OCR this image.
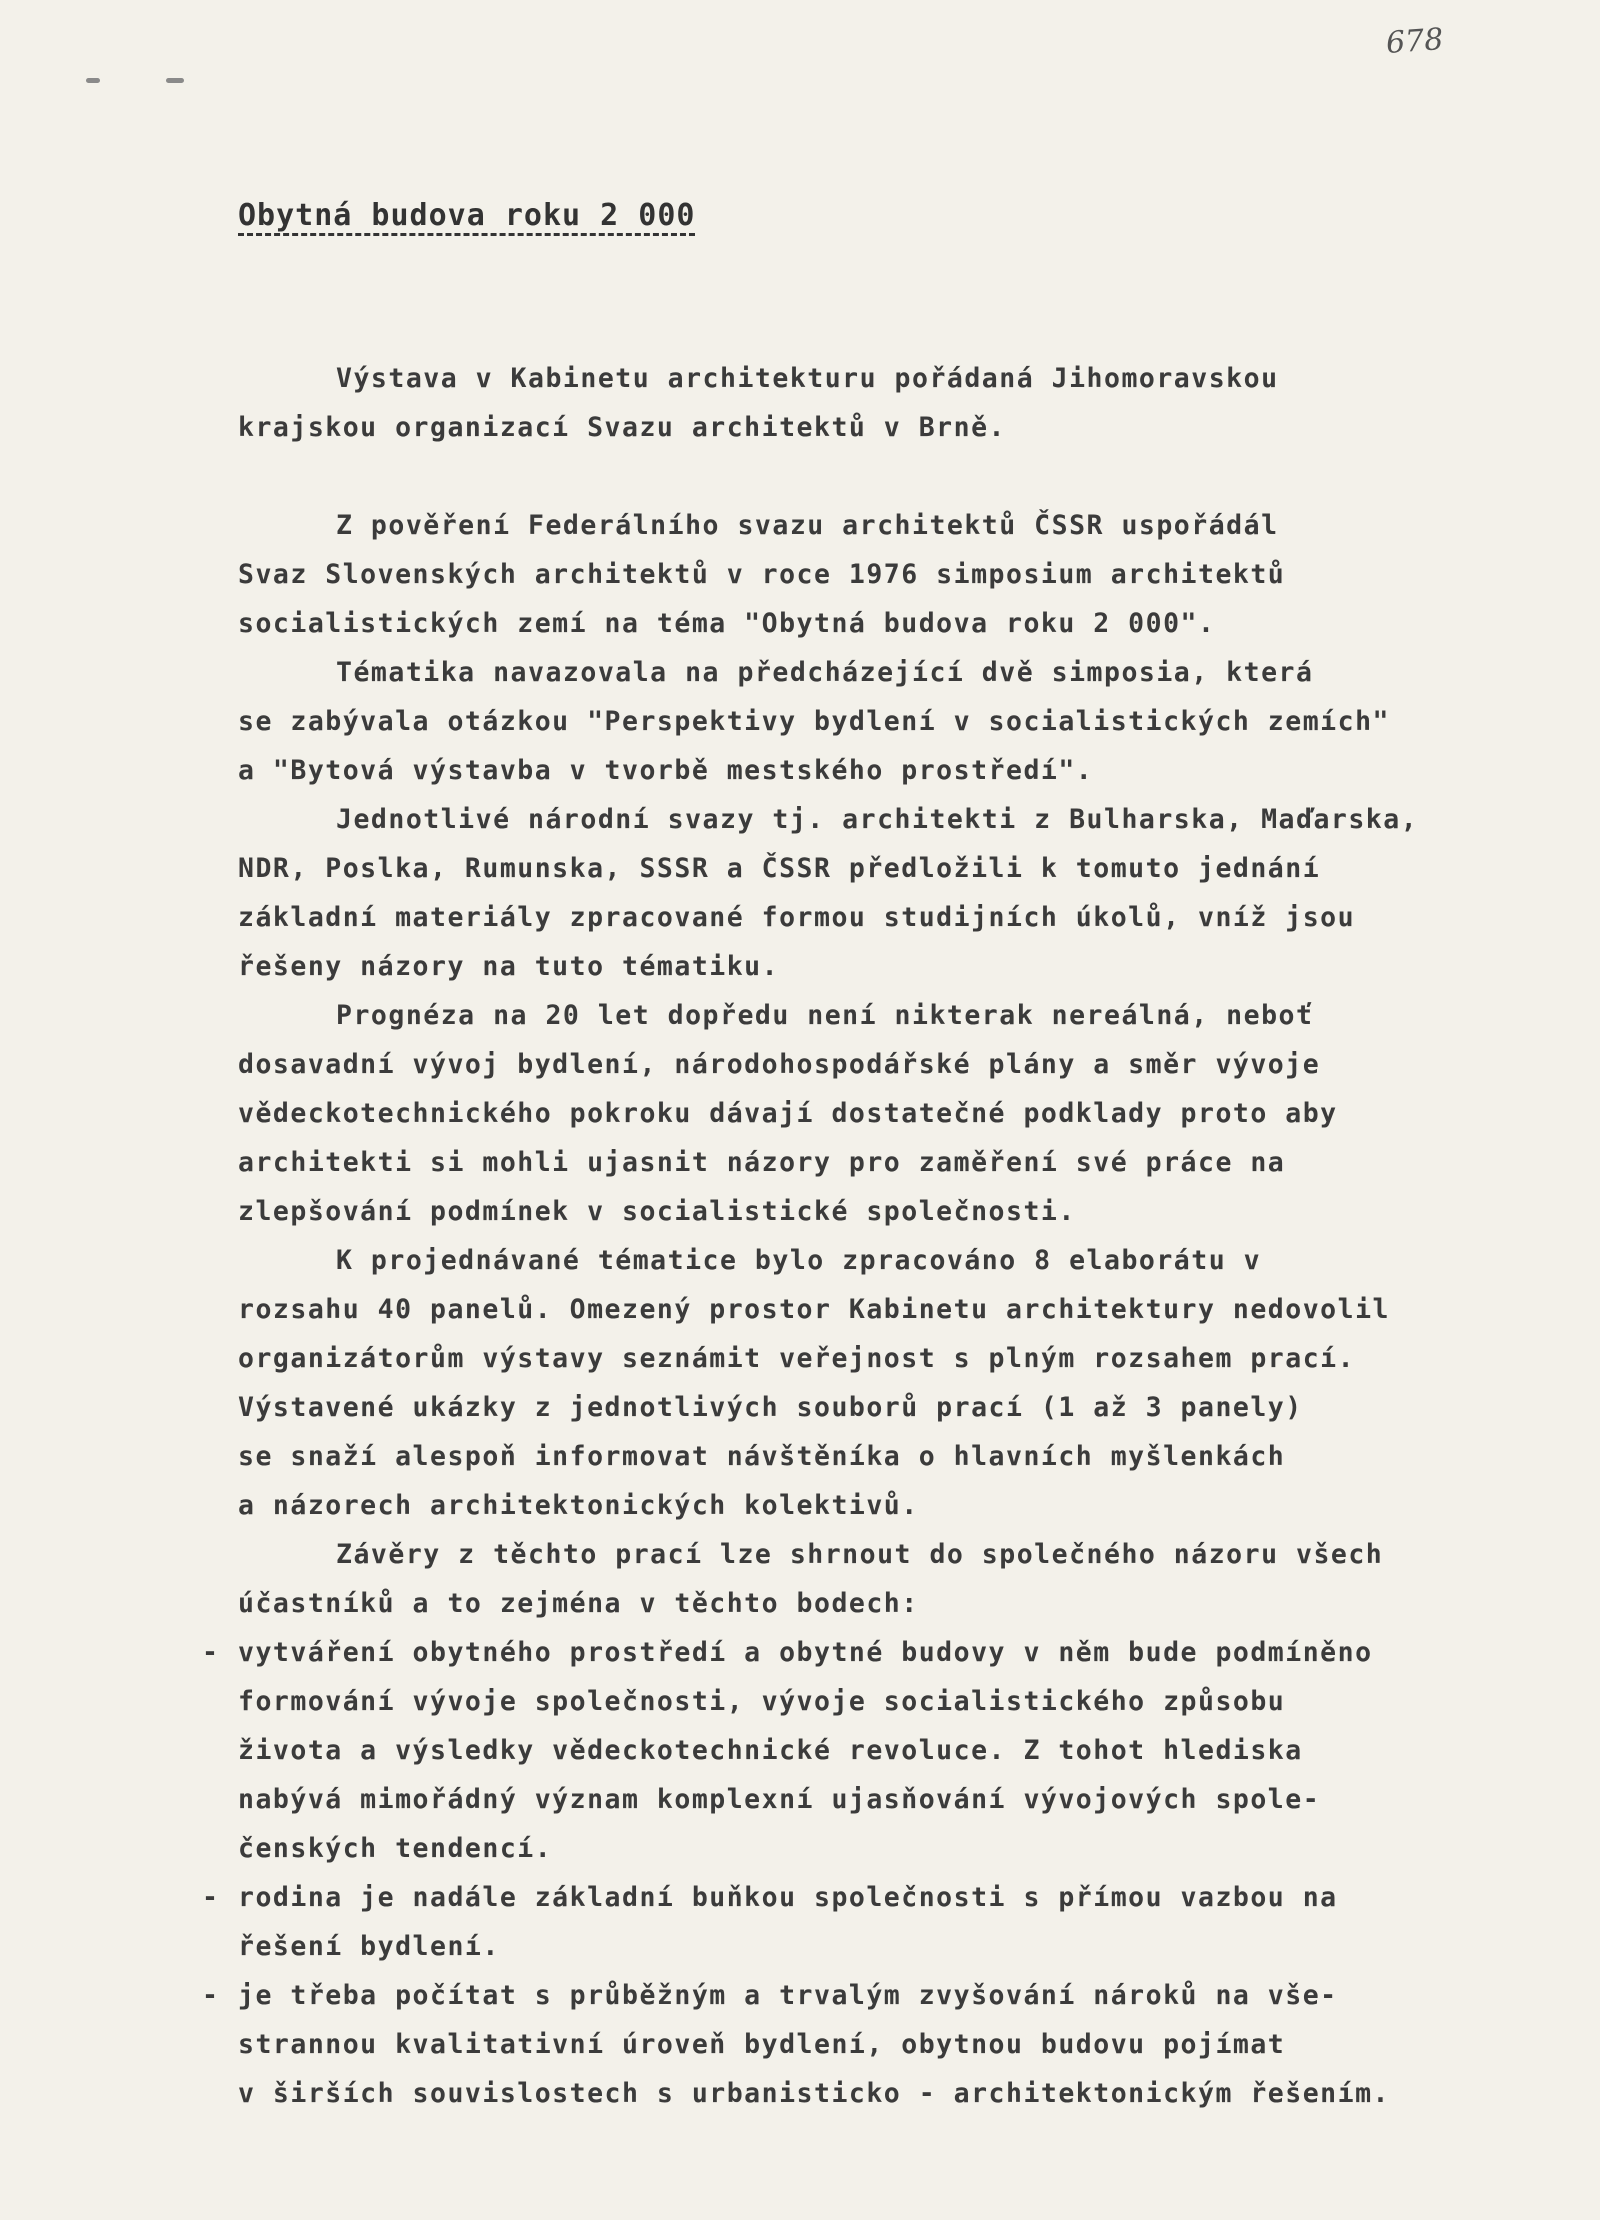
678
Obytná budova roku 2 000

Výstava v Kabinetu architekturu pořádaná Jihomoravskou
krajskou organizací Svazu architektů v Brně.

Z pověření Federálního svazu architektů ČSSR uspořádál
Svaz Slovenských architektů v roce 1976 simposium architektů
socialistických zemí na téma "Obytná budova roku 2 000".

Tématika navazovala na předcházející dvě simposia, která
se zabývala otázkou "Perspektivy bydlení v socialistických zemích"
a "Bytová výstavba v tvorbě mestského prostředí".

Jednotlivé národní svazy tj. architekti z Bulharska, Maďarska,
NDR, Poslka, Rumunska, SSSR a ČSSR předložili k tomuto jednání
základní materiály zpracované formou studijních úkolů, vníž jsou
řešeny názory na tuto tématiku.

Prognéza na 20 let dopředu není nikterak nereálná, neboť
dosavadní vývoj bydlení, národohospodářské plány a směr vývoje
vědeckotechnického pokroku dávají dostatečné podklady proto aby
architekti si mohli ujasnit názory pro zaměření své práce na
zlepšování podmínek v socialistické společnosti.

K projednávané tématice bylo zpracováno 8 elaborátu v
rozsahu 40 panelů. Omezený prostor Kabinetu architektury nedovolil
organizátorům výstavy seznámit veřejnost s plným rozsahem prací.
Výstavené ukázky z jednotlivých souborů prací (1 až 3 panely)
se snaží alespoň informovat návštěníka o hlavních myšlenkách
a názorech architektonických kolektivů.

Závěry z těchto prací lze shrnout do společného názoru všech
účastníků a to zejména v těchto bodech:

- vytváření obytného prostředí a obytné budovy v něm bude podmíněno
formování vývoje společnosti, vývoje socialistického způsobu
života a výsledky vědeckotechnické revoluce. Z tohot hlediska
nabývá mimořádný význam komplexní ujasňování vývojových spole-
čenských tendencí.
- rodina je nadále základní buňkou společnosti s přímou vazbou na
řešení bydlení.
- je třeba počítat s průběžným a trvalým zvyšování nároků na vše-
strannou kvalitativní úroveň bydlení, obytnou budovu pojímat
v širších souvislostech s urbanisticko - architektonickým řešením.
